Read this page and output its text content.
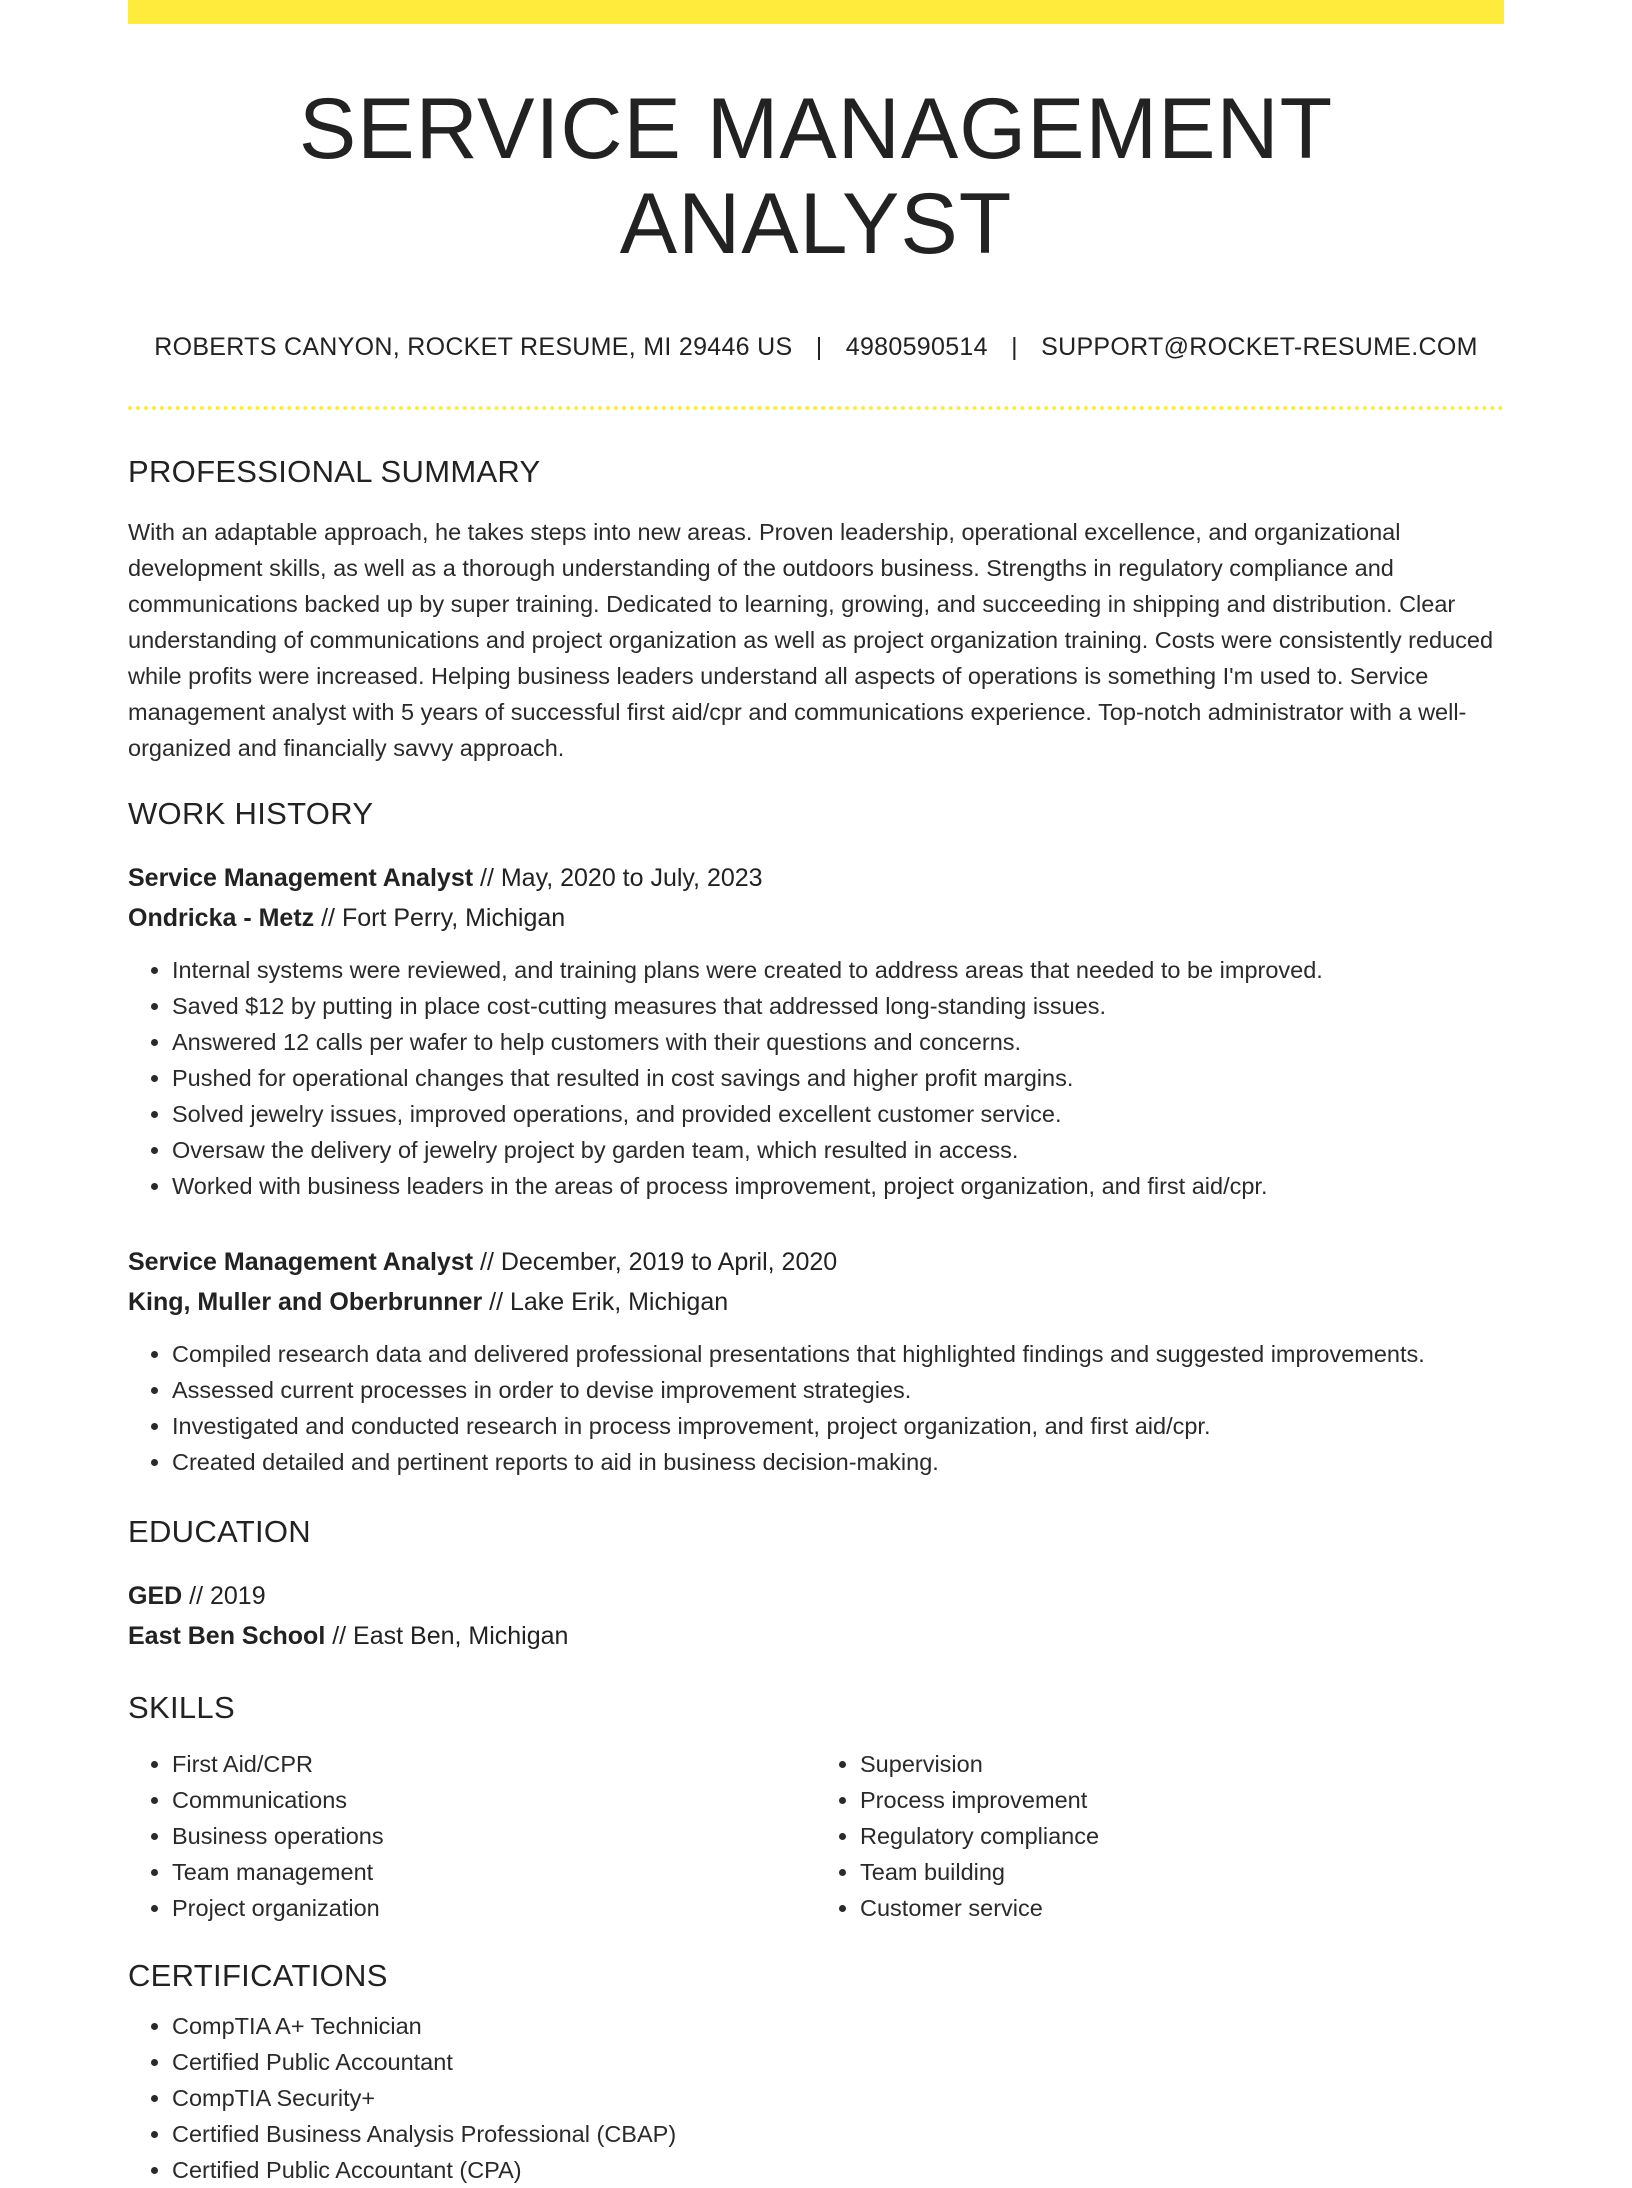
SERVICE MANAGEMENT ANALYST
ROBERTS CANYON, ROCKET RESUME, MI 29446 US | 4980590514 | SUPPORT@ROCKET-RESUME.COM
PROFESSIONAL SUMMARY

With an adaptable approach, he takes steps into new areas. Proven leadership, operational excellence, and organizational development skills, as well as a thorough understanding of the outdoors business. Strengths in regulatory compliance and communications backed up by super training. Dedicated to learning, growing, and succeeding in shipping and distribution. Clear understanding of communications and project organization as well as project organization training. Costs were consistently reduced while profits were increased. Helping business leaders understand all aspects of operations is something I'm used to. Service management analyst with 5 years of successful first aid/cpr and communications experience. Top-notch administrator with a well-organized and financially savvy approach.

WORK HISTORY
Service Management Analyst // May, 2020 to July, 2023
Ondricka - Metz // Fort Perry, Michigan
• Internal systems were reviewed, and training plans were created to address areas that needed to be improved.
• Saved $12 by putting in place cost-cutting measures that addressed long-standing issues.
• Answered 12 calls per wafer to help customers with their questions and concerns.
• Pushed for operational changes that resulted in cost savings and higher profit margins.
• Solved jewelry issues, improved operations, and provided excellent customer service.
• Oversaw the delivery of jewelry project by garden team, which resulted in access.
• Worked with business leaders in the areas of process improvement, project organization, and first aid/cpr.
Service Management Analyst // December, 2019 to April, 2020
King, Muller and Oberbrunner // Lake Erik, Michigan
• Compiled research data and delivered professional presentations that highlighted findings and suggested improvements.
• Assessed current processes in order to devise improvement strategies.
• Investigated and conducted research in process improvement, project organization, and first aid/cpr.
• Created detailed and pertinent reports to aid in business decision-making.
EDUCATION
GED // 2019
East Ben School // East Ben, Michigan
SKILLS
• First Aid/CPR
• Communications
• Business operations
• Team management
• Project organization
• Supervision
• Process improvement
• Regulatory compliance
• Team building
• Customer service
CERTIFICATIONS
• CompTIA A+ Technician
• Certified Public Accountant
• CompTIA Security+
• Certified Business Analysis Professional (CBAP)
• Certified Public Accountant (CPA)
